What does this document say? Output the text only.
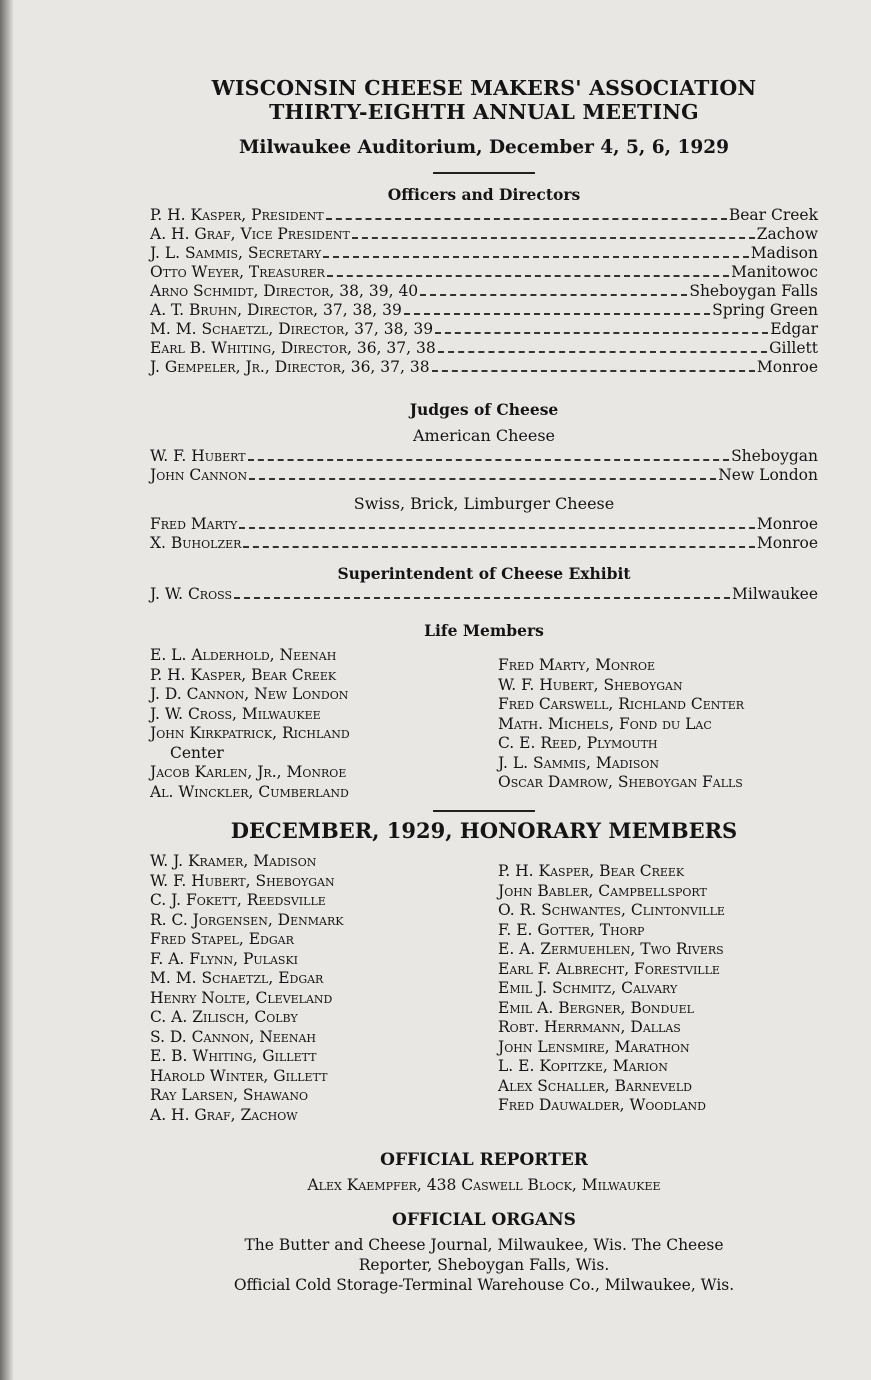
WISCONSIN CHEESE MAKERS' ASSOCIATION
THIRTY-EIGHTH ANNUAL MEETING
Milwaukee Auditorium, December 4, 5, 6, 1929
Officers and Directors
P. H. Kasper, President	Bear Creek
A. H. Graf, Vice President	Zachow
J. L. Sammis, Secretary	Madison
Otto Weyer, Treasurer	Manitowoc
Arno Schmidt, Director, 38, 39, 40	Sheboygan Falls
A. T. Bruhn, Director, 37, 38, 39	Spring Green
M. M. Schaetzl, Director, 37, 38, 39	Edgar
Earl B. Whiting, Director, 36, 37, 38	Gillett
J. Gempeler, Jr., Director, 36, 37, 38	Monroe
Judges of Cheese
American Cheese
W. F. Hubert	Sheboygan
John Cannon	New London
Swiss, Brick, Limburger Cheese
Fred Marty	Monroe
X. Buholzer	Monroe
Superintendent of Cheese Exhibit
J. W. Cross	Milwaukee
Life Members
E. L. Alderhold, Neenah
P. H. Kasper, Bear Creek
J. D. Cannon, New London
J. W. Cross, Milwaukee
John Kirkpatrick, Richland
Center
Jacob Karlen, Jr., Monroe
Al. Winckler, Cumberland
Fred Marty, Monroe
W. F. Hubert, Sheboygan
Fred Carswell, Richland Center
Math. Michels, Fond du Lac
C. E. Reed, Plymouth
J. L. Sammis, Madison
Oscar Damrow, Sheboygan Falls
DECEMBER, 1929, HONORARY MEMBERS
W. J. Kramer, Madison
W. F. Hubert, Sheboygan
C. J. Fokett, Reedsville
R. C. Jorgensen, Denmark
Fred Stapel, Edgar
F. A. Flynn, Pulaski
M. M. Schaetzl, Edgar
Henry Nolte, Cleveland
C. A. Zilisch, Colby
S. D. Cannon, Neenah
E. B. Whiting, Gillett
Harold Winter, Gillett
Ray Larsen, Shawano
A. H. Graf, Zachow
P. H. Kasper, Bear Creek
John Babler, Campbellsport
O. R. Schwantes, Clintonville
F. E. Gotter, Thorp
E. A. Zermuehlen, Two Rivers
Earl F. Albrecht, Forestville
Emil J. Schmitz, Calvary
Emil A. Bergner, Bonduel
Robt. Herrmann, Dallas
John Lensmire, Marathon
L. E. Kopitzke, Marion
Alex Schaller, Barneveld
Fred Dauwalder, Woodland
OFFICIAL REPORTER
Alex Kaempfer, 438 Caswell Block, Milwaukee
OFFICIAL ORGANS
The Butter and Cheese Journal, Milwaukee, Wis. The Cheese
Reporter, Sheboygan Falls, Wis.
Official Cold Storage-Terminal Warehouse Co., Milwaukee, Wis.
